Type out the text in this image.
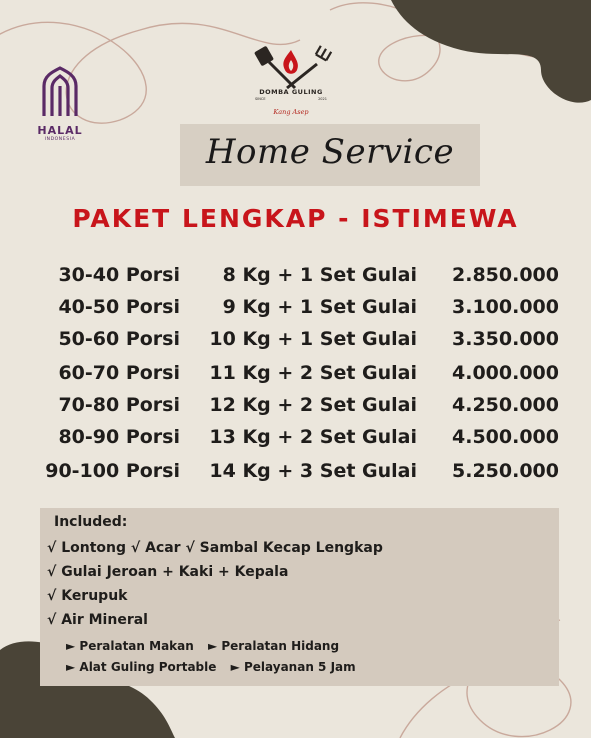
HALAL
INDONESIA
DOMBA GULING
SINCE	2021
Kang Asep
Home Service
PAKET LENGKAP - ISTIMEWA
30-40 Porsi 8 Kg + 1 Set Gulai 2.850.000
40-50 Porsi 9 Kg + 1 Set Gulai 3.100.000
50-60 Porsi 10 Kg + 1 Set Gulai 3.350.000
60-70 Porsi 11 Kg + 2 Set Gulai 4.000.000
70-80 Porsi 12 Kg + 2 Set Gulai 4.250.000
80-90 Porsi 13 Kg + 2 Set Gulai 4.500.000
90-100 Porsi 14 Kg + 3 Set Gulai 5.250.000
Included:
√ Lontong √ Acar √ Sambal Kecap Lengkap
√ Gulai Jeroan + Kaki + Kepala
√ Kerupuk
√ Air Mineral
► Peralatan Makan ► Peralatan Hidang
► Alat Guling Portable ► Pelayanan 5 Jam
